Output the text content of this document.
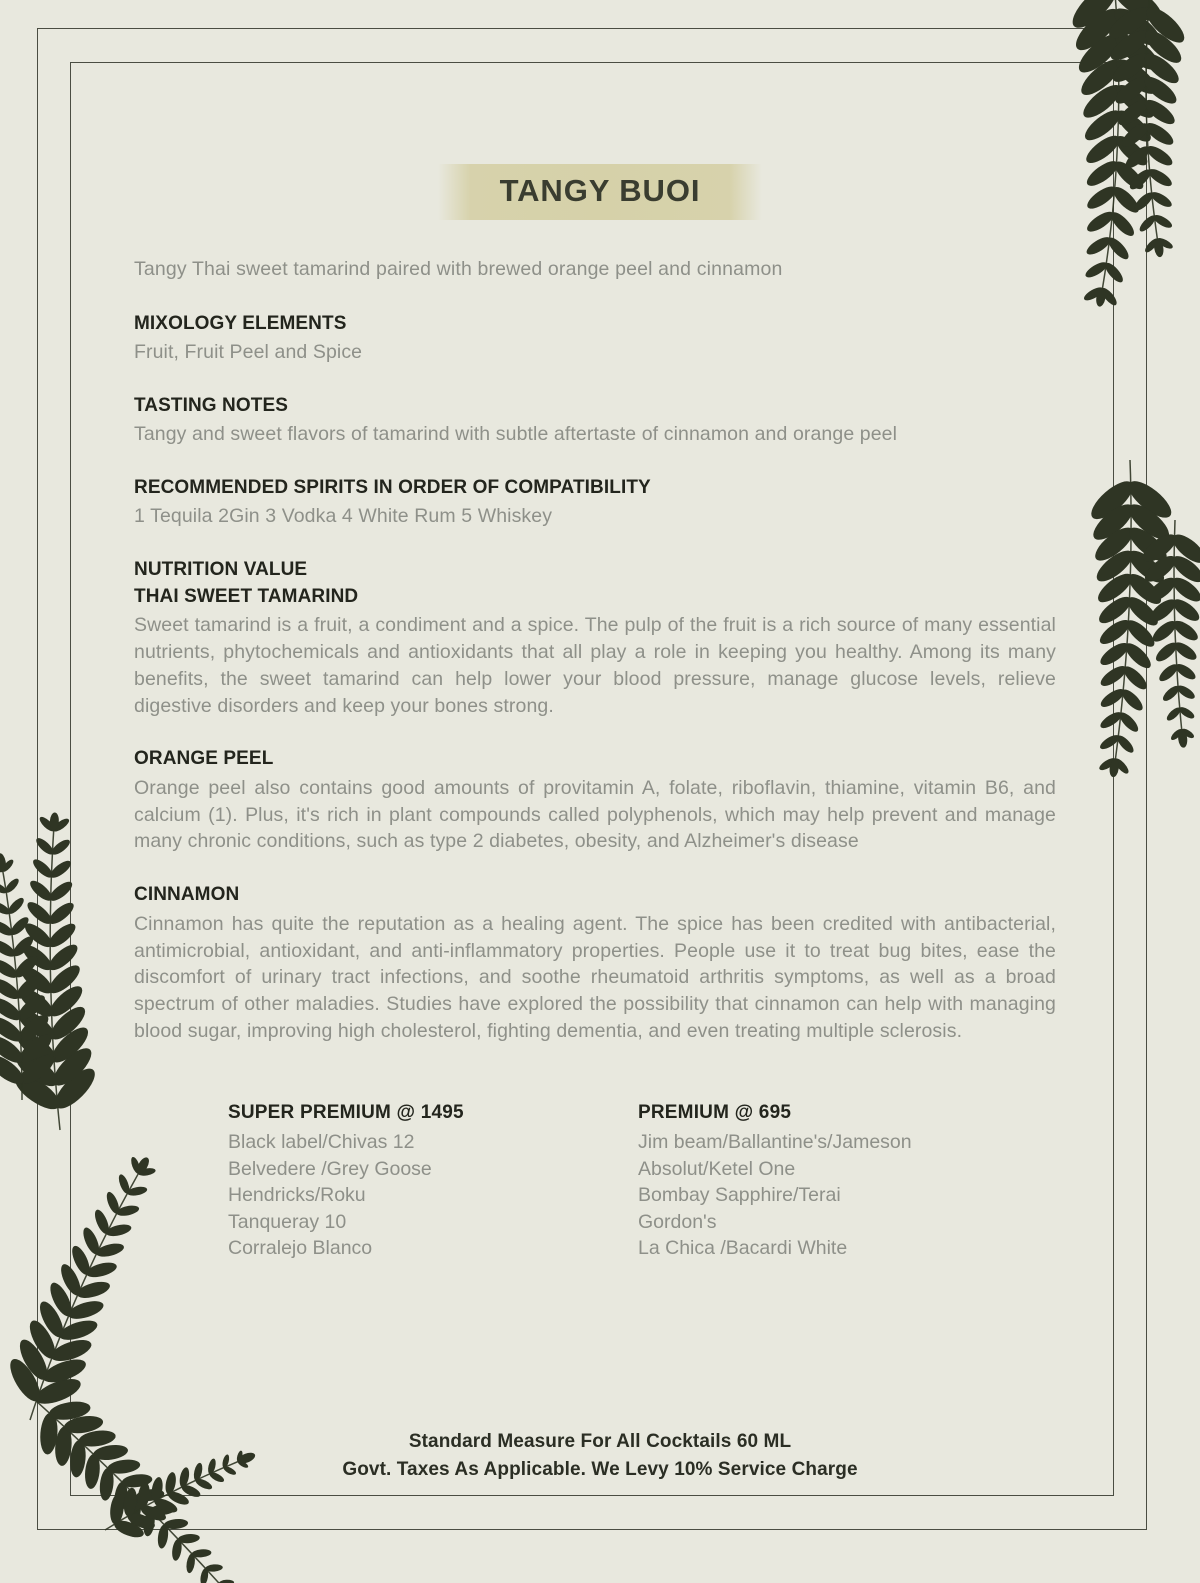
TANGY BUOI
Tangy Thai sweet tamarind paired with brewed orange peel and cinnamon
MIXOLOGY ELEMENTS
Fruit, Fruit Peel and Spice
TASTING NOTES
Tangy and sweet flavors of tamarind with subtle aftertaste of cinnamon and orange peel
RECOMMENDED SPIRITS IN ORDER OF COMPATIBILITY
1 Tequila 2Gin 3 Vodka 4 White Rum 5 Whiskey
NUTRITION VALUE
THAI SWEET TAMARIND
Sweet tamarind is a fruit, a condiment and a spice. The pulp of the fruit is a rich source of many essential nutrients, phytochemicals and antioxidants that all play a role in keeping you healthy. Among its many benefits, the sweet tamarind can help lower your blood pressure, manage glucose levels, relieve digestive disorders and keep your bones strong.
ORANGE PEEL
Orange peel also contains good amounts of provitamin A, folate, riboflavin, thiamine, vitamin B6, and calcium (1). Plus, it's rich in plant compounds called polyphenols, which may help prevent and manage many chronic conditions, such as type 2 diabetes, obesity, and Alzheimer's disease
CINNAMON
Cinnamon has quite the reputation as a healing agent. The spice has been credited with antibacterial, antimicrobial, antioxidant, and anti-inflammatory properties. People use it to treat bug bites, ease the discomfort of urinary tract infections, and soothe rheumatoid arthritis symptoms, as well as a broad spectrum of other maladies. Studies have explored the possibility that cinnamon can help with managing blood sugar, improving high cholesterol, fighting dementia, and even treating multiple sclerosis.
SUPER PREMIUM @ 1495
Black label/Chivas 12
Belvedere /Grey Goose
Hendricks/Roku
Tanqueray 10
Corralejo Blanco
PREMIUM @ 695
Jim beam/Ballantine's/Jameson
Absolut/Ketel One
Bombay Sapphire/Terai
Gordon's
La Chica /Bacardi White
Standard Measure For All Cocktails 60 ML
Govt. Taxes As Applicable. We Levy 10% Service Charge
